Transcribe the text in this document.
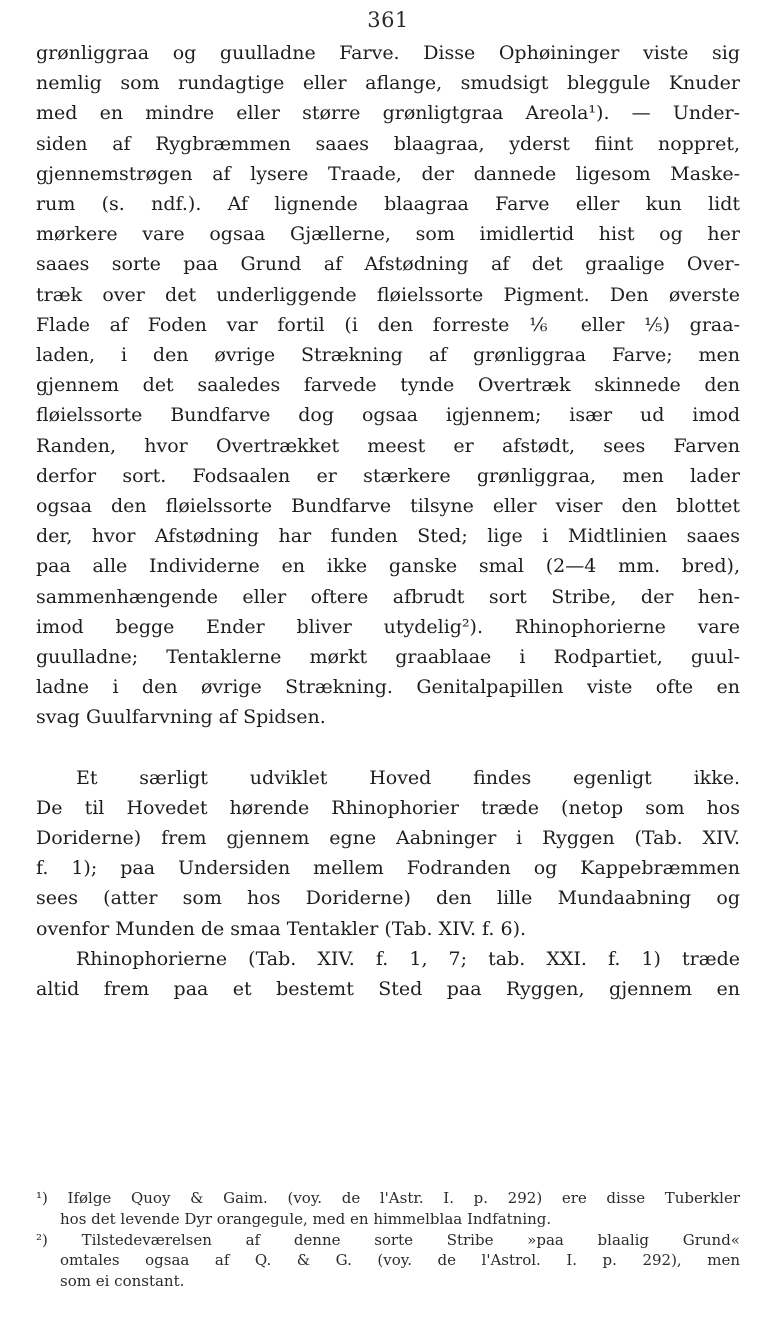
361
grønliggraa og guulladne Farve. Disse Ophøininger viste sig
nemlig som rundagtige eller aflange, smudsigt bleggule Knuder
med en mindre eller større grønligtgraa Areola¹). — Under-
siden af Rygbræmmen saaes blaagraa, yderst fiint noppret,
gjennemstrøgen af lysere Traade, der dannede ligesom Maske-
rum (s. ndf.). Af lignende blaagraa Farve eller kun lidt
mørkere vare ogsaa Gjællerne, som imidlertid hist og her
saaes sorte paa Grund af Afstødning af det graalige Over-
træk over det underliggende fløielssorte Pigment. Den øverste
Flade af Foden var fortil (i den forreste ⅙ eller ⅕) graa-
laden, i den øvrige Strækning af grønliggraa Farve; men
gjennem det saaledes farvede tynde Overtræk skinnede den
fløielssorte Bundfarve dog ogsaa igjennem; især ud imod
Randen, hvor Overtrækket meest er afstødt, sees Farven
derfor sort. Fodsaalen er stærkere grønliggraa, men lader
ogsaa den fløielssorte Bundfarve tilsyne eller viser den blottet
der, hvor Afstødning har funden Sted; lige i Midtlinien saaes
paa alle Individerne en ikke ganske smal (2—4 mm. bred),
sammenhængende eller oftere afbrudt sort Stribe, der hen-
imod begge Ender bliver utydelig²). Rhinophorierne vare
guulladne; Tentaklerne mørkt graablaae i Rodpartiet, guul-
ladne i den øvrige Strækning. Genitalpapillen viste ofte en
svag Guulfarvning af Spidsen.
Et særligt udviklet Hoved findes egenligt ikke.
De til Hovedet hørende Rhinophorier træde (netop som hos
Doriderne) frem gjennem egne Aabninger i Ryggen (Tab. XIV.
f. 1); paa Undersiden mellem Fodranden og Kappebræmmen
sees (atter som hos Doriderne) den lille Mundaabning og
ovenfor Munden de smaa Tentakler (Tab. XIV. f. 6).
Rhinophorierne (Tab. XIV. f. 1, 7; tab. XXI. f. 1) træde
altid frem paa et bestemt Sted paa Ryggen, gjennem en
¹) Ifølge Quoy & Gaim. (voy. de l'Astr. I. p. 292) ere disse Tuberkler
hos det levende Dyr orangegule, med en himmelblaa Indfatning.
²) Tilstedeværelsen af denne sorte Stribe »paa blaalig Grund«
omtales ogsaa af Q. & G. (voy. de l'Astrol. I. p. 292), men
som ei constant.
